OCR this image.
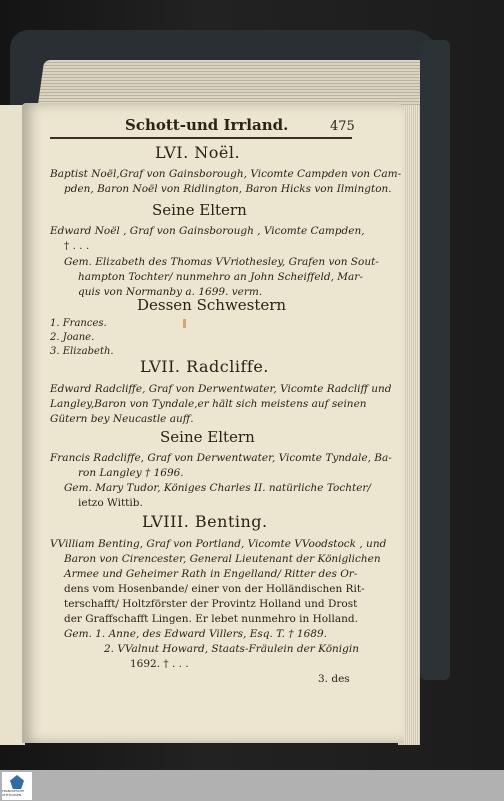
Schott-und Irrland.	475
LVI. Noël.
Baptist Noël,Graf von Gainsborough, Vicomte Campden von Cam-
pden, Baron Noël von Ridlington, Baron Hicks von Ilmington.
Seine Eltern
Edward Noël , Graf von Gainsborough , Vicomte Campden,
† . . .
Gem. Elizabeth des Thomas VVriothesley, Grafen von Sout-
hampton Tochter/ nunmehro an John Scheiffeld, Mar-
quis von Normanby a. 1699. verm.
Dessen Schwestern
1. Frances.
2. Joane.
3. Elizabeth.
LVII. Radcliffe.
Edward Radcliffe, Graf von Derwentwater, Vicomte Radcliff und
Langley,Baron von Tyndale,er hält sich meistens auf seinen
Gütern bey Neucastle auff.
Seine Eltern
Francis Radcliffe, Graf von Derwentwater, Vicomte Tyndale, Ba-
ron Langley † 1696.
Gem. Mary Tudor, Königes Charles II. natürliche Tochter/
ietzo Wittib.
LVIII. Benting.
VVilliam Benting, Graf von Portland, Vicomte VVoodstock , und
Baron von Cirencester, General Lieutenant der Königlichen
Armee und Geheimer Rath in Engelland/ Ritter des Or-
dens vom Hosenbande/ einer von der Holländischen Rit-
terschafft/ Holtzförster der Provintz Holland und Drost
der Graffschafft Lingen. Er lebet nunmehro in Holland.
Gem. 1. Anne, des Edward Villers, Esq. T. † 1689.
2. VValnut Howard, Staats-Fräulein der Königin
1692. † . . .
3. des
FRANCKESCHE STIFTUNGEN
